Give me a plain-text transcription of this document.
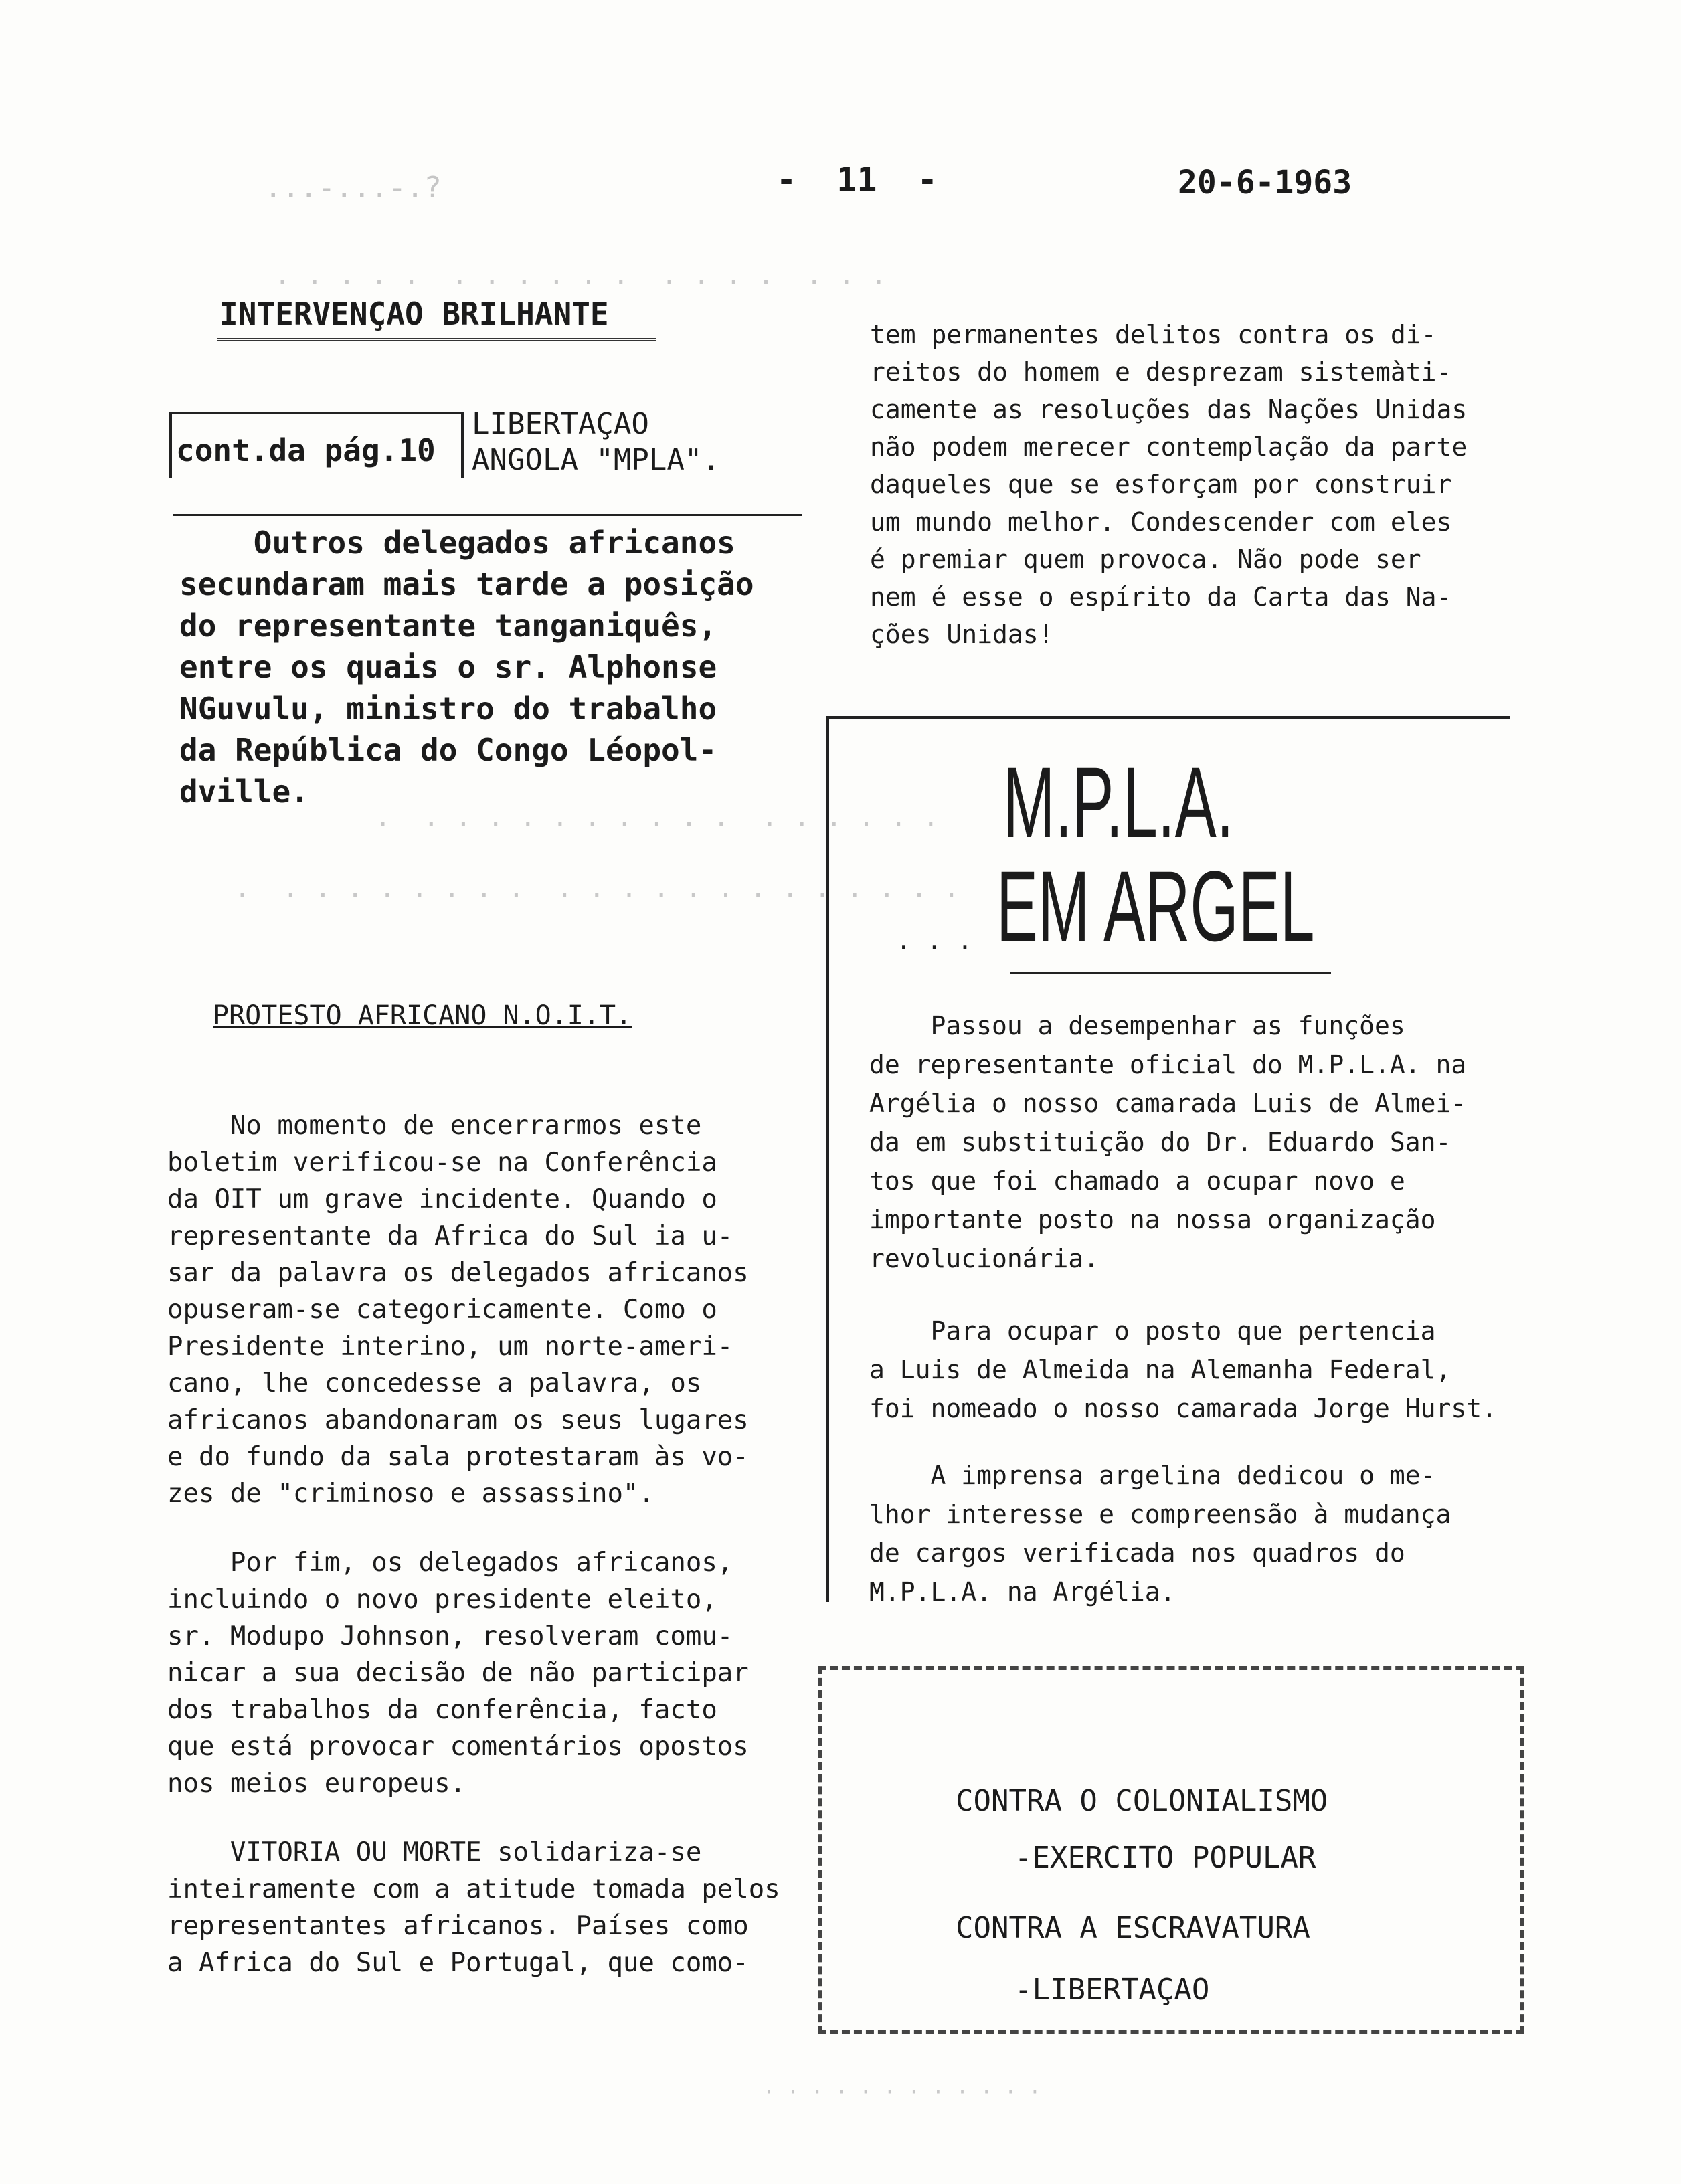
...-...-.?	-  11  -	20-6-1963
· · · · ·  · · · · · ·  · · · ·  · · ·
·  · · · · · · · · · ·  · · · · · ·
·  · · · · · · · ·  · · · · · · · · · · · · ·
INTERVENÇAO BRILHANTE
cont.da pág.10
LIBERTAÇAO
ANGOLA "MPLA".
Outros delegados africanos
secundaram mais tarde a posição
do representante tanganiquês,
entre os quais o sr. Alphonse
NGuvulu, ministro do trabalho
da República do Congo Léopol-
dville.
PROTESTO AFRICANO N.O.I.T.
No momento de encerrarmos este
boletim verificou-se na Conferência
da OIT um grave incidente. Quando o
representante da Africa do Sul ia u-
sar da palavra os delegados africanos
opuseram-se categoricamente. Como o
Presidente interino, um norte-ameri-
cano, lhe concedesse a palavra, os
africanos abandonaram os seus lugares
e do fundo da sala protestaram às vo-
zes de "criminoso e assassino".
Por fim, os delegados africanos,
incluindo o novo presidente eleito,
sr. Modupo Johnson, resolveram comu-
nicar a sua decisão de não participar
dos trabalhos da conferência, facto
que está provocar comentários opostos
nos meios europeus.
VITORIA OU MORTE solidariza-se
inteiramente com a atitude tomada pelos
representantes africanos. Países como
a Africa do Sul e Portugal, que como-
tem permanentes delitos contra os di-
reitos do homem e desprezam sistemàti-
camente as resoluções das Nações Unidas
não podem merecer contemplação da parte
daqueles que se esforçam por construir
um mundo melhor. Condescender com eles
é premiar quem provoca. Não pode ser
nem é esse o espírito da Carta das Na-
ções Unidas!
M.P.L.A.
EM ARGEL
. . .
Passou a desempenhar as funções
de representante oficial do M.P.L.A. na
Argélia o nosso camarada Luis de Almei-
da em substituição do Dr. Eduardo San-
tos que foi chamado a ocupar novo e
importante posto na nossa organização
revolucionária.
Para ocupar o posto que pertencia
a Luis de Almeida na Alemanha Federal,
foi nomeado o nosso camarada Jorge Hurst.
A imprensa argelina dedicou o me-
lhor interesse e compreensão à mudança
de cargos verificada nos quadros do
M.P.L.A. na Argélia.
CONTRA O COLONIALISMO
-EXERCITO POPULAR
CONTRA A ESCRAVATURA
-LIBERTAÇAO
· · · · · · · · · · · ·
